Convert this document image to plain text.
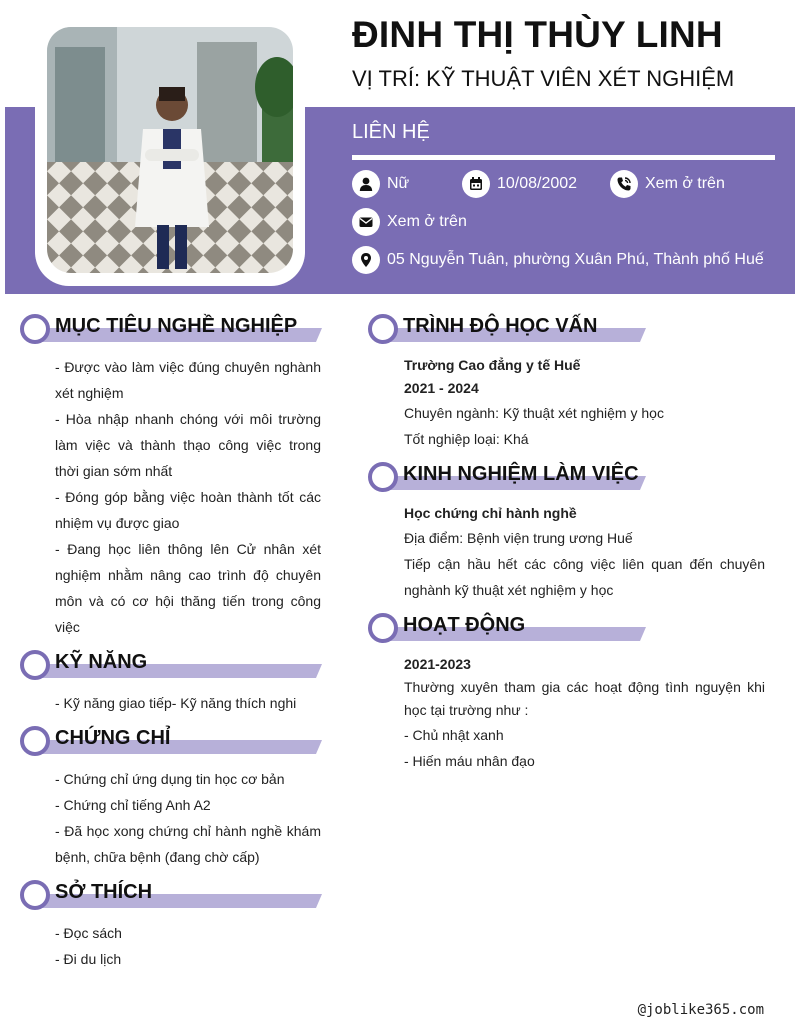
ĐINH THỊ THÙY LINH
VỊ TRÍ: KỸ THUẬT VIÊN XÉT NGHIỆM
LIÊN HỆ
Nữ	10/08/2002	Xem ở trên
Xem ở trên
05 Nguyễn Tuân, phường Xuân Phú, Thành phố Huế
MỤC TIÊU NGHỀ NGHIỆP

- Được vào làm việc đúng chuyên nghành xét nghiệm

- Hòa nhập nhanh chóng với môi trường làm việc và thành thạo công việc trong thời gian sớm nhất

- Đóng góp bằng việc hoàn thành tốt các nhiệm vụ được giao

- Đang học liên thông lên Cử nhân xét nghiệm nhằm nâng cao trình độ chuyên môn và có cơ hội thăng tiến trong công việc

KỸ NĂNG

- Kỹ năng giao tiếp- Kỹ năng thích nghi

CHỨNG CHỈ

- Chứng chỉ ứng dụng tin học cơ bản

- Chứng chỉ tiếng Anh A2

- Đã học xong chứng chỉ hành nghề khám bệnh, chữa bệnh (đang chờ cấp)

SỞ THÍCH

- Đọc sách

- Đi du lịch

TRÌNH ĐỘ HỌC VẤN

Trường Cao đẳng y tế Huế

2021 - 2024

Chuyên ngành: Kỹ thuật xét nghiệm y học

Tốt nghiệp loại: Khá

KINH NGHIỆM LÀM VIỆC

Học chứng chỉ hành nghề

Địa điểm: Bệnh viện trung ương Huế

Tiếp cận hầu hết các công việc liên quan đến chuyên nghành kỹ thuật xét nghiệm y học

HOẠT ĐỘNG

2021-2023

Thường xuyên tham gia các hoạt động tình nguyện khi học tại trường như :

- Chủ nhật xanh

- Hiến máu nhân đạo

@joblike365.com
